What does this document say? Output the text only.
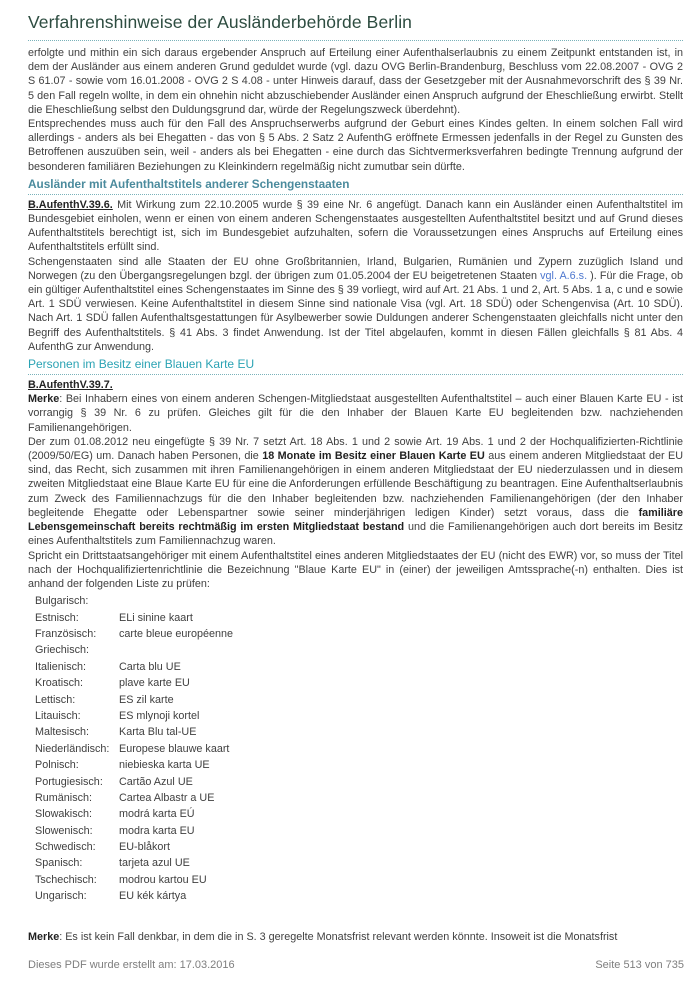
Verfahrenshinweise der Ausländerbehörde Berlin

erfolgte und mithin ein sich daraus ergebender Anspruch auf Erteilung einer Aufenthalserlaubnis zu einem Zeitpunkt entstanden ist, in dem der Ausländer aus einem anderen Grund geduldet wurde (vgl. dazu OVG Berlin-Brandenburg, Beschluss vom 22.08.2007 - OVG 2 S 61.07 - sowie vom 16.01.2008 - OVG 2 S 4.08 - unter Hinweis darauf, dass der Gesetzgeber mit der Ausnahmevorschrift des § 39 Nr. 5 den Fall regeln wollte, in dem ein ohnehin nicht abzuschiebender Ausländer einen Anspruch aufgrund der Eheschließung erwirbt. Stellt die Eheschließung selbst den Duldungsgrund dar, würde der Regelungszweck überdehnt).

Entsprechendes muss auch für den Fall des Anspruchserwerbs aufgrund der Geburt eines Kindes gelten. In einem solchen Fall wird allerdings - anders als bei Ehegatten - das von § 5 Abs. 2 Satz 2 AufenthG eröffnete Ermessen jedenfalls in der Regel zu Gunsten des Betroffenen auszuüben sein, weil - anders als bei Ehegatten - eine durch das Sichtvermerksverfahren bedingte Trennung aufgrund der besonderen familiären Beziehungen zu Kleinkindern regelmäßig nicht zumutbar sein dürfte.

Ausländer mit Aufenthaltstitels anderer Schengenstaaten

B.AufenthV.39.6. Mit Wirkung zum 22.10.2005 wurde § 39 eine Nr. 6 angefügt. Danach kann ein Ausländer einen Aufenthaltstitel im Bundesgebiet einholen, wenn er einen von einem anderen Schengenstaates ausgestellten Aufenthaltstitel besitzt und auf Grund dieses Aufenthaltstitels berechtigt ist, sich im Bundesgebiet aufzuhalten, sofern die Voraussetzungen eines Anspruchs auf Erteilung eines Aufenthaltstitels erfüllt sind.

Schengenstaaten sind alle Staaten der EU ohne Großbritannien, Irland, Bulgarien, Rumänien und Zypern zuzüglich Island und Norwegen (zu den Übergangsregelungen bzgl. der übrigen zum 01.05.2004 der EU beigetretenen Staaten vgl. A.6.s. ). Für die Frage, ob ein gültiger Aufenthaltstitel eines Schengenstaates im Sinne des § 39 vorliegt, wird auf Art. 21 Abs. 1 und 2, Art. 5 Abs. 1 a, c und e sowie Art. 1 SDÜ verwiesen. Keine Aufenthaltstitel in diesem Sinne sind nationale Visa (vgl. Art. 18 SDÜ) oder Schengenvisa (Art. 10 SDÜ). Nach Art. 1 SDÜ fallen Aufenthaltsgestattungen für Asylbewerber sowie Duldungen anderer Schengenstaaten gleichfalls nicht unter den Begriff des Aufenthaltstitels. § 41 Abs. 3 findet Anwendung. Ist der Titel abgelaufen, kommt in diesen Fällen gleichfalls § 81 Abs. 4 AufenthG zur Anwendung.

Personen im Besitz einer Blauen Karte EU

B.AufenthV.39.7.

Merke: Bei Inhabern eines von einem anderen Schengen-Mitgliedstaat ausgestellten Aufenthaltstitel – auch einer Blauen Karte EU - ist vorrangig § 39 Nr. 6 zu prüfen. Gleiches gilt für die den Inhaber der Blauen Karte EU begleitenden bzw. nachziehenden Familienangehörigen.

Der zum 01.08.2012 neu eingefügte § 39 Nr. 7 setzt Art. 18 Abs. 1 und 2 sowie Art. 19 Abs. 1 und 2 der Hochqualifizierten-Richtlinie (2009/50/EG) um. Danach haben Personen, die 18 Monate im Besitz einer Blauen Karte EU aus einem anderen Mitgliedstaat der EU sind, das Recht, sich zusammen mit ihren Familienangehörigen in einem anderen Mitgliedstaat der EU niederzulassen und in diesem zweiten Mitgliedstaat eine Blaue Karte EU für eine die Anforderungen erfüllende Beschäftigung zu beantragen. Eine Aufenthaltserlaubnis zum Zweck des Familiennachzugs für die den Inhaber begleitenden bzw. nachziehenden Familienangehörigen (der den Inhaber begleitende Ehegatte oder Lebenspartner sowie seiner minderjährigen ledigen Kinder) setzt voraus, dass die familiäre Lebensgemeinschaft bereits rechtmäßig im ersten Mitgliedstaat bestand und die Familienangehörigen auch dort bereits im Besitz eines Aufenthaltstitels zum Familiennachzug waren.

Spricht ein Drittstaatsangehöriger mit einem Aufenthaltstitel eines anderen Mitgliedstaates der EU (nicht des EWR) vor, so muss der Titel nach der Hochqualifiziertenrichtlinie die Bezeichnung "Blaue Karte EU" in (einer) der jeweiligen Amtssprache(-n) enthalten. Dies ist anhand der folgenden Liste zu prüfen:

Bulgarisch:
Estnisch:	ELi sinine kaart
Französisch:	carte bleue européenne
Griechisch:
Italienisch:	Carta blu UE
Kroatisch:	plave karte EU
Lettisch:	ES zil karte
Litauisch:	ES mlynoji kortel
Maltesisch:	Karta Blu tal-UE
Niederländisch: Europese blauwe kaart
Polnisch:	niebieska karta UE
Portugiesisch:	Cartão Azul UE
Rumänisch:	Cartea Albastr a UE
Slowakisch:	modrá karta EÚ
Slowenisch:	modra karta EU
Schwedisch:	EU-blåkort
Spanisch:	tarjeta azul UE
Tschechisch:	modrou kartou EU
Ungarisch:	EU kék kártya
Merke: Es ist kein Fall denkbar, in dem die in S. 3 geregelte Monatsfrist relevant werden könnte. Insoweit ist die Monatsfrist
Dieses PDF wurde erstellt am: 17.03.2016	Seite 513 von 735
